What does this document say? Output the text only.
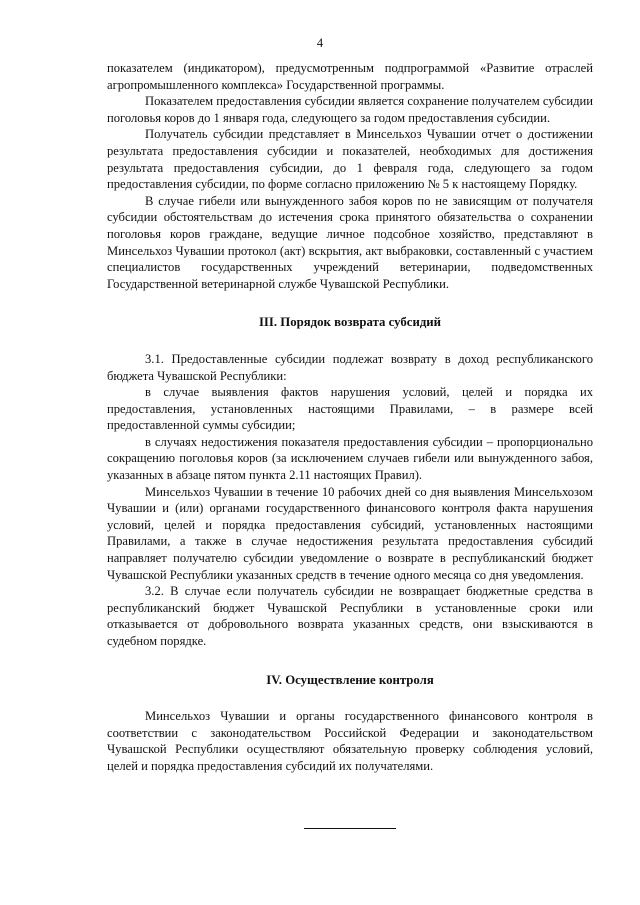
4

показателем (индикатором), предусмотренным подпрограммой «Развитие отраслей агропромышленного комплекса» Государственной программы.

Показателем предоставления субсидии является сохранение получателем субсидии поголовья коров до 1 января года, следующего за годом предоставления субсидии.

Получатель субсидии представляет в Минсельхоз Чувашии отчет о достижении результата предоставления субсидии и показателей, необходимых для достижения результата предоставления субсидии, до 1 февраля года, следующего за годом предоставления субсидии, по форме согласно приложению № 5 к настоящему Порядку.

В случае гибели или вынужденного забоя коров по не зависящим от получателя субсидии обстоятельствам до истечения срока принятого обязательства о сохранении поголовья коров граждане, ведущие личное подсобное хозяйство, представляют в Минсельхоз Чувашии протокол (акт) вскрытия, акт выбраковки, составленный с участием специалистов государственных учреждений ветеринарии, подведомственных Государственной ветеринарной службе Чувашской Республики.

III. Порядок возврата субсидий

3.1. Предоставленные субсидии подлежат возврату в доход республиканского бюджета Чувашской Республики:

в случае выявления фактов нарушения условий, целей и порядка их предоставления, установленных настоящими Правилами, – в размере всей предоставленной суммы субсидии;

в случаях недостижения показателя предоставления субсидии – пропорционально сокращению поголовья коров (за исключением случаев гибели или вынужденного забоя, указанных в абзаце пятом пункта 2.11 настоящих Правил).

Минсельхоз Чувашии в течение 10 рабочих дней со дня выявления Минсельхозом Чувашии и (или) органами государственного финансового контроля факта нарушения условий, целей и порядка предоставления субсидий, установленных настоящими Правилами, а также в случае недостижения результата предоставления субсидий направляет получателю субсидии уведомление о возврате в республиканский бюджет Чувашской Республики указанных средств в течение одного месяца со дня уведомления.

3.2. В случае если получатель субсидии не возвращает бюджетные средства в республиканский бюджет Чувашской Республики в установленные сроки или отказывается от добровольного возврата указанных средств, они взыскиваются в судебном порядке.

IV. Осуществление контроля

Минсельхоз Чувашии и органы государственного финансового контроля в соответствии с законодательством Российской Федерации и законодательством Чувашской Республики осуществляют обязательную проверку соблюдения условий, целей и порядка предоставления субсидий их получателями.
